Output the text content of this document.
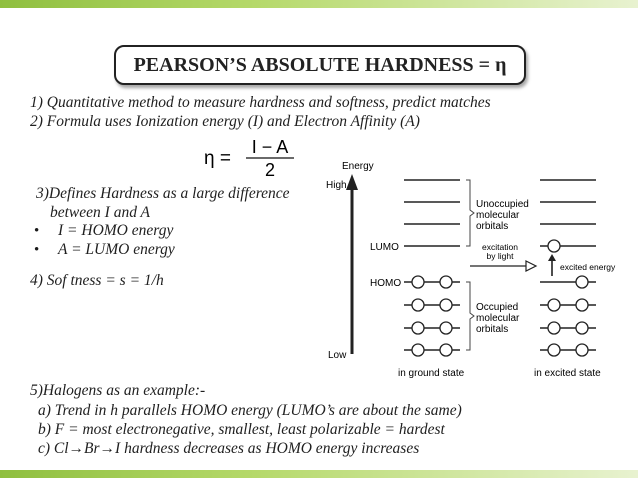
PEARSON’S ABSOLUTE HARDNESS = η
1) Quantitative method to measure hardness and softness, predict matches
2) Formula uses Ionization energy (I) and Electron Affinity (A)
η =
I − A
2
3)Defines Hardness as a large difference
between I and A
• I = HOMO energy
• A = LUMO energy
4) Sof tness = s = 1/h
Energy
High
Low
LUMO
Unoccupied
molecular
orbitals
HOMO
Occupied
molecular
orbitals
excitation
by light
excited energy
in ground state	in excited state
5)Halogens as an example:-
a) Trend in h parallels HOMO energy (LUMO’s are about the same)
b) F = most electronegative, smallest, least polarizable = hardest
c) Cl→Br→I hardness decreases as HOMO energy increases
